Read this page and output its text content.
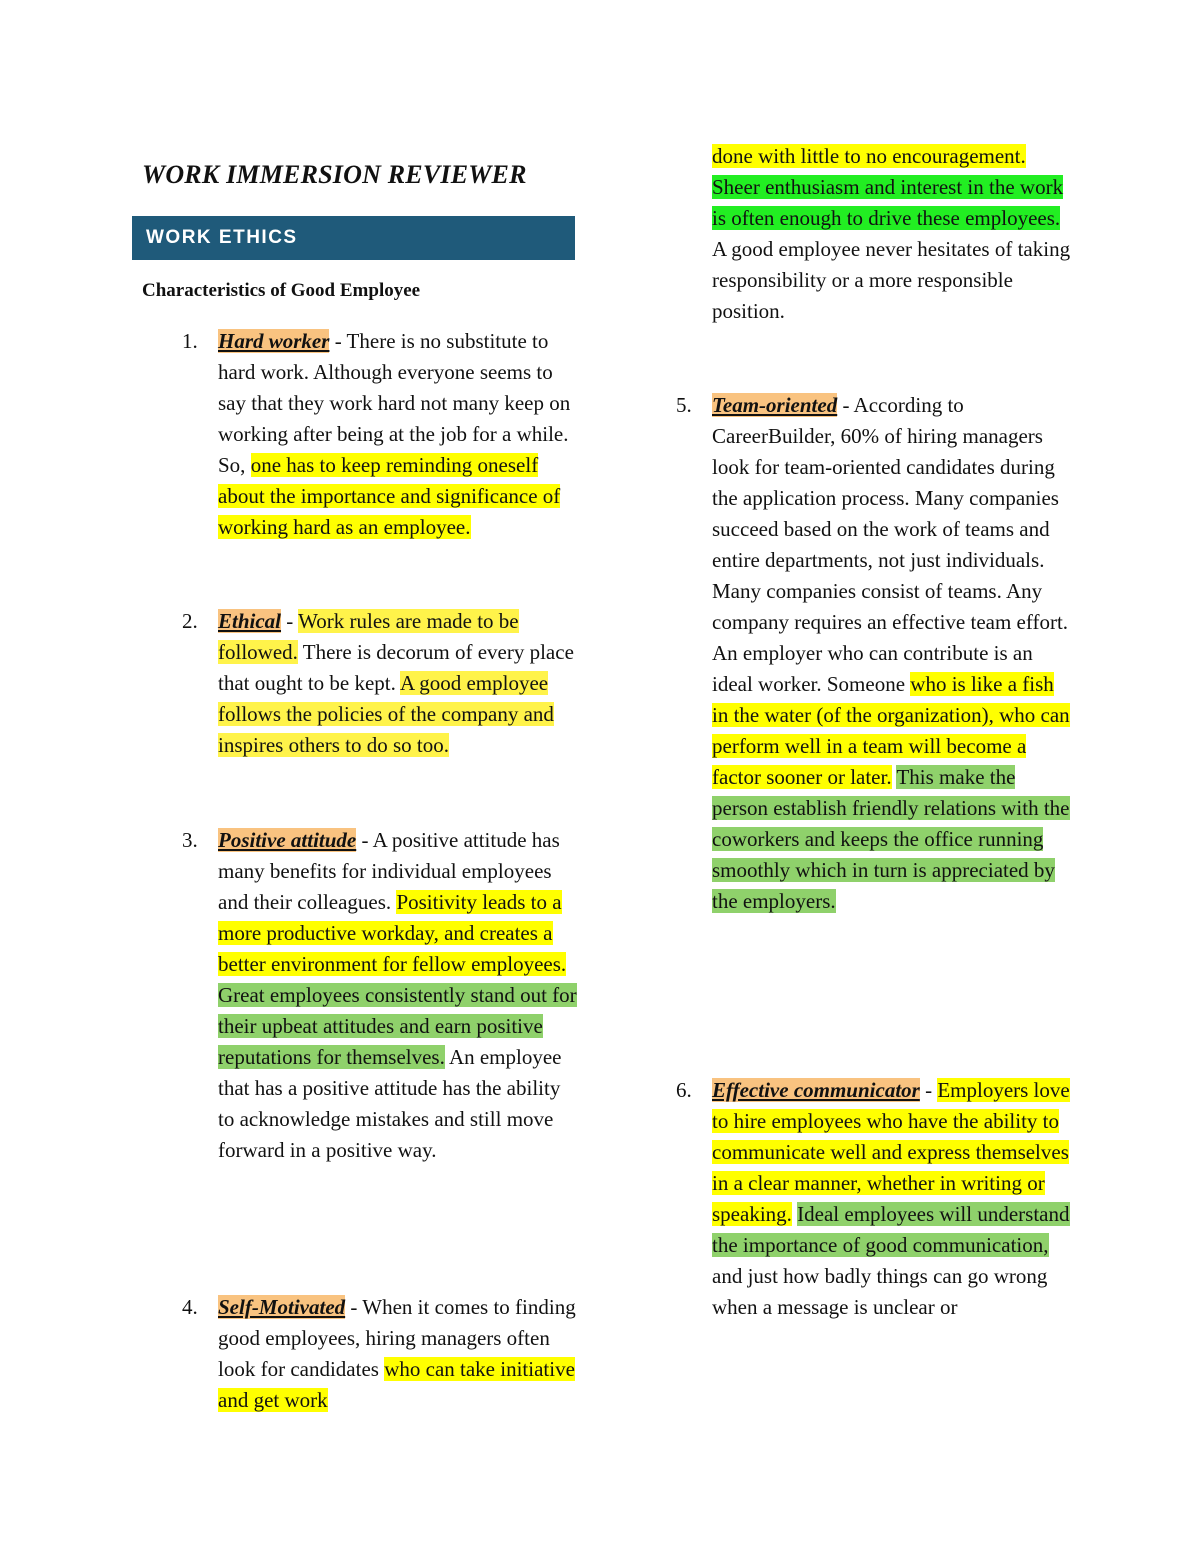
WORK IMMERSION REVIEWER
WORK ETHICS
Characteristics of Good Employee
1. Hard worker - There is no substitute to hard work. Although everyone seems to say that they work hard not many keep on working after being at the job for a while. So, one has to keep reminding oneself about the importance and significance of working hard as an employee.
2. Ethical - Work rules are made to be followed. There is decorum of every place that ought to be kept. A good employee follows the policies of the company and inspires others to do so too.
3. Positive attitude - A positive attitude has many benefits for individual employees and their colleagues. Positivity leads to a more productive workday, and creates a better environment for fellow employees. Great employees consistently stand out for their upbeat attitudes and earn positive reputations for themselves. An employee that has a positive attitude has the ability to acknowledge mistakes and still move forward in a positive way.
4. Self-Motivated - When it comes to finding good employees, hiring managers often look for candidates who can take initiative and get work
done with little to no encouragement. Sheer enthusiasm and interest in the work is often enough to drive these employees. A good employee never hesitates of taking responsibility or a more responsible position.
5. Team-oriented - According to CareerBuilder, 60% of hiring managers look for team-oriented candidates during the application process. Many companies succeed based on the work of teams and entire departments, not just individuals. Many companies consist of teams. Any company requires an effective team effort. An employer who can contribute is an ideal worker. Someone who is like a fish in the water (of the organization), who can perform well in a team will become a factor sooner or later. This make the person establish friendly relations with the coworkers and keeps the office running smoothly which in turn is appreciated by the employers.
6. Effective communicator - Employers love to hire employees who have the ability to communicate well and express themselves in a clear manner, whether in writing or speaking. Ideal employees will understand the importance of good communication, and just how badly things can go wrong when a message is unclear or
